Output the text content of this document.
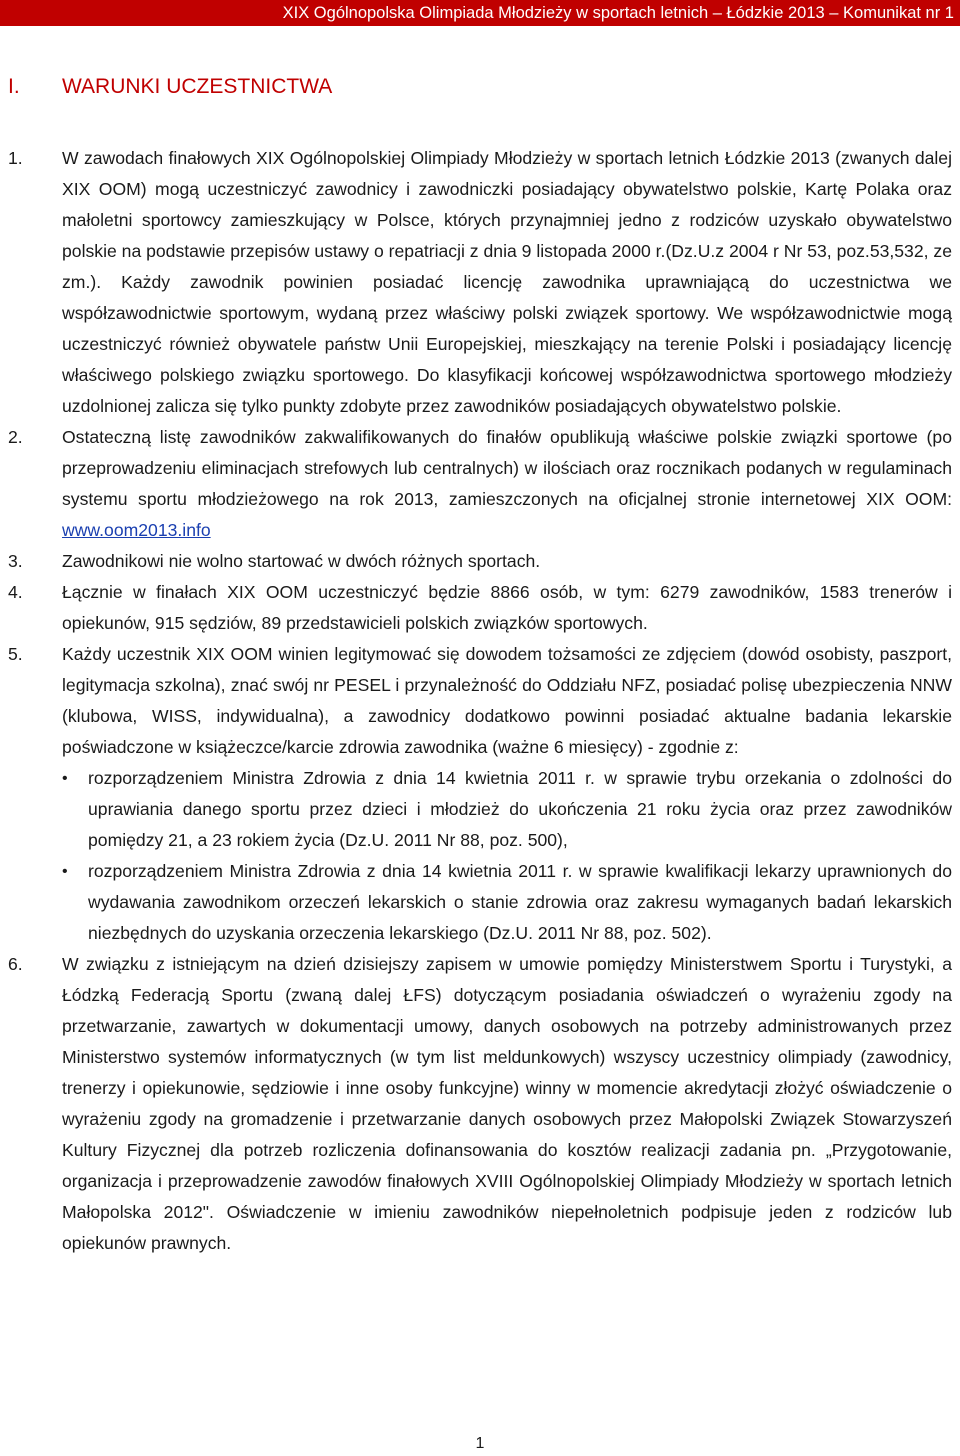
XIX Ogólnopolska Olimpiada Młodzieży w sportach letnich – Łódzkie 2013 – Komunikat nr 1
I.	WARUNKI UCZESTNICTWA
1.	W zawodach finałowych XIX Ogólnopolskiej Olimpiady Młodzieży w sportach letnich Łódzkie 2013 (zwanych dalej XIX OOM) mogą uczestniczyć zawodnicy i zawodniczki posiadający obywatelstwo polskie, Kartę Polaka oraz małoletni sportowcy zamieszkujący w Polsce, których przynajmniej jedno z rodziców uzyskało obywatelstwo polskie na podstawie przepisów ustawy o repatriacji z dnia 9 listopada 2000 r.(Dz.U.z 2004 r Nr 53, poz.53,532, ze zm.). Każdy zawodnik powinien posiadać licencję zawodnika uprawniającą do uczestnictwa we współzawodnictwie sportowym, wydaną przez właściwy polski związek sportowy. We współzawodnictwie mogą uczestniczyć również obywatele państw Unii Europejskiej, mieszkający na terenie Polski i posiadający licencję właściwego polskiego związku sportowego. Do klasyfikacji końcowej współzawodnictwa sportowego młodzieży uzdolnionej zalicza się tylko punkty zdobyte przez zawodników posiadających obywatelstwo polskie.
2.	Ostateczną listę zawodników zakwalifikowanych do finałów opublikują właściwe polskie związki sportowe (po przeprowadzeniu eliminacjach strefowych lub centralnych) w ilościach oraz rocznikach podanych w regulaminach systemu sportu młodzieżowego na rok 2013, zamieszczonych na oficjalnej stronie internetowej XIX OOM: www.oom2013.info
3.	Zawodnikowi nie wolno startować w dwóch różnych sportach.
4.	Łącznie w finałach XIX OOM uczestniczyć będzie 8866 osób, w tym: 6279 zawodników, 1583 trenerów i opiekunów, 915 sędziów, 89 przedstawicieli polskich związków sportowych.
5.	Każdy uczestnik XIX OOM winien legitymować się dowodem tożsamości ze zdjęciem (dowód osobisty, paszport, legitymacja szkolna), znać swój nr PESEL i przynależność do Oddziału NFZ, posiadać polisę ubezpieczenia NNW (klubowa, WISS, indywidualna), a zawodnicy dodatkowo powinni posiadać aktualne badania lekarskie poświadczone w książeczce/karcie zdrowia zawodnika (ważne 6 miesięcy) - zgodnie z:
•	rozporządzeniem Ministra Zdrowia z dnia 14 kwietnia 2011 r. w sprawie trybu orzekania o zdolności do uprawiania danego sportu przez dzieci i młodzież do ukończenia 21 roku życia oraz przez zawodników pomiędzy 21, a 23 rokiem życia (Dz.U. 2011 Nr 88, poz. 500),
•	rozporządzeniem Ministra Zdrowia z dnia 14 kwietnia 2011 r. w sprawie kwalifikacji lekarzy uprawnionych do wydawania zawodnikom orzeczeń lekarskich o stanie zdrowia oraz zakresu wymaganych badań lekarskich niezbędnych do uzyskania orzeczenia lekarskiego (Dz.U. 2011 Nr 88, poz. 502).
6.	W związku z istniejącym na dzień dzisiejszy zapisem w umowie pomiędzy Ministerstwem Sportu i Turystyki, a Łódzką Federacją Sportu (zwaną dalej ŁFS) dotyczącym posiadania oświadczeń o wyrażeniu zgody na przetwarzanie, zawartych w dokumentacji umowy, danych osobowych na potrzeby administrowanych przez Ministerstwo systemów informatycznych (w tym list meldunkowych) wszyscy uczestnicy olimpiady (zawodnicy, trenerzy i opiekunowie, sędziowie i inne osoby funkcyjne) winny w momencie akredytacji złożyć oświadczenie o wyrażeniu zgody na gromadzenie i przetwarzanie danych osobowych przez Małopolski Związek Stowarzyszeń Kultury Fizycznej dla potrzeb rozliczenia dofinansowania do kosztów realizacji zadania pn. „Przygotowanie, organizacja i przeprowadzenie zawodów finałowych XVIII Ogólnopolskiej Olimpiady Młodzieży w sportach letnich Małopolska 2012". Oświadczenie w imieniu zawodników niepełnoletnich podpisuje jeden z rodziców lub opiekunów prawnych.
1
